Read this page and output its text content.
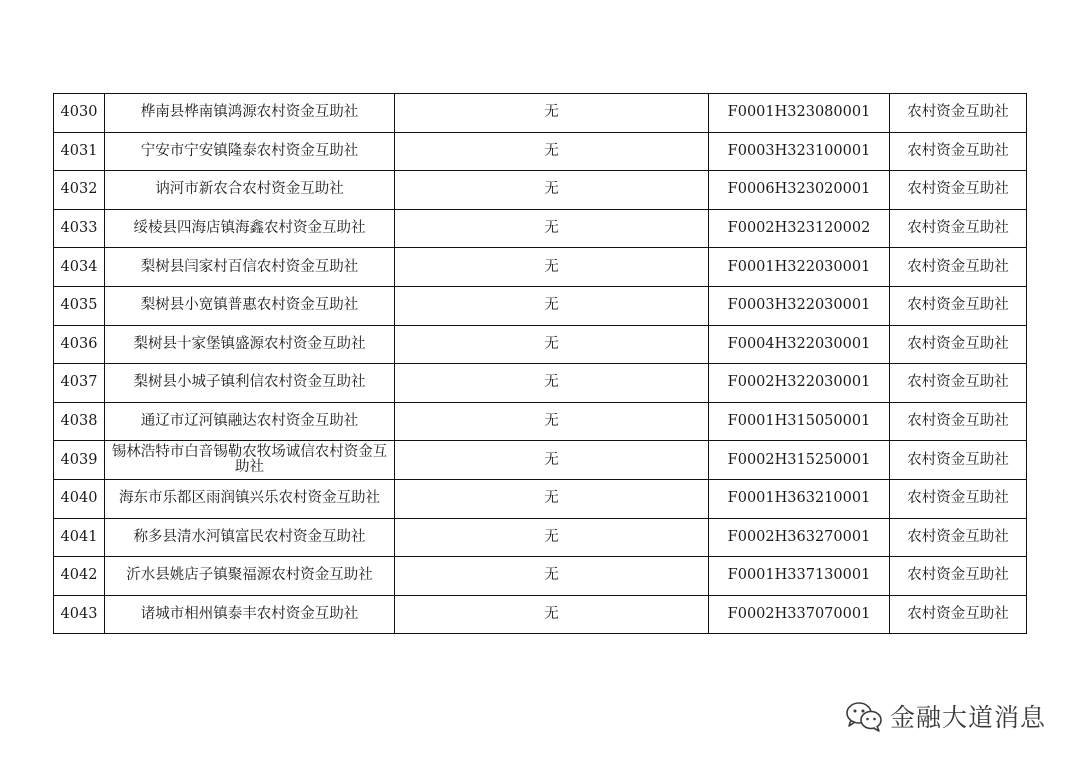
4030	桦南县桦南镇鸿源农村资金互助社	无	F0001H323080001	农村资金互助社
4031	宁安市宁安镇隆泰农村资金互助社	无	F0003H323100001	农村资金互助社
4032	讷河市新农合农村资金互助社	无	F0006H323020001	农村资金互助社
4033	绥棱县四海店镇海鑫农村资金互助社	无	F0002H323120002	农村资金互助社
4034	梨树县闫家村百信农村资金互助社	无	F0001H322030001	农村资金互助社
4035	梨树县小宽镇普惠农村资金互助社	无	F0003H322030001	农村资金互助社
4036	梨树县十家堡镇盛源农村资金互助社	无	F0004H322030001	农村资金互助社
4037	梨树县小城子镇利信农村资金互助社	无	F0002H322030001	农村资金互助社
4038	通辽市辽河镇融达农村资金互助社	无	F0001H315050001	农村资金互助社
4039	锡林浩特市白音锡勒农牧场诚信农村资金互助社	无	F0002H315250001	农村资金互助社
4040	海东市乐都区雨润镇兴乐农村资金互助社	无	F0001H363210001	农村资金互助社
4041	称多县清水河镇富民农村资金互助社	无	F0002H363270001	农村资金互助社
4042	沂水县姚店子镇聚福源农村资金互助社	无	F0001H337130001	农村资金互助社
4043	诸城市相州镇泰丰农村资金互助社	无	F0002H337070001	农村资金互助社
金融大道消息
